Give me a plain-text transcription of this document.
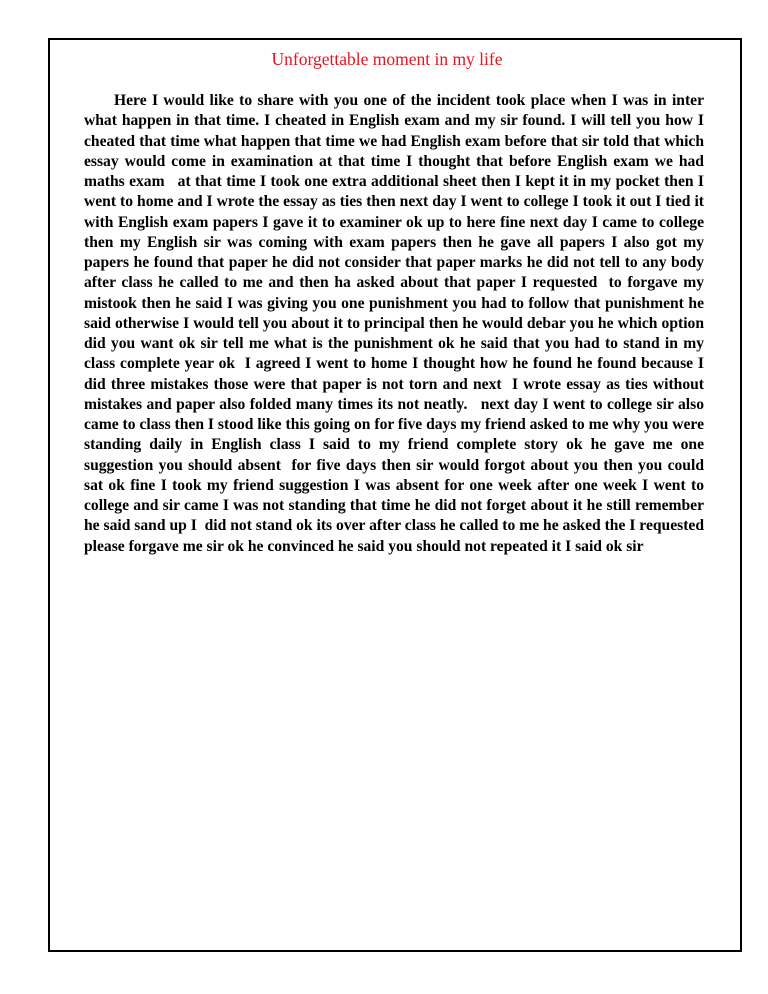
Unforgettable moment in my life

Here I would like to share with you one of the incident took place when I was in inter what happen in that time. I cheated in English exam and my sir found. I will tell you how I cheated that time what happen that time we had English exam before that sir told that which essay would come in examination at that time I thought that before English exam we had maths exam   at that time I took one extra additional sheet then I kept it in my pocket then I went to home and I wrote the essay as ties then next day I went to college I took it out I tied it with English exam papers I gave it to examiner ok up to here fine next day I came to college then my English sir was coming with exam papers then he gave all papers I also got my papers he found that paper he did not consider that paper marks he did not tell to any body after class he called to me and then ha asked about that paper I requested  to forgave my mistook then he said I was giving you one punishment you had to follow that punishment he said otherwise I would tell you about it to principal then he would debar you he which option did you want ok sir tell me what is the punishment ok he said that you had to stand in my class complete year ok  I agreed I went to home I thought how he found he found because I did three mistakes those were that paper is not torn and next  I wrote essay as ties without mistakes and paper also folded many times its not neatly.   next day I went to college sir also came to class then I stood like this going on for five days my friend asked to me why you were standing daily in English class I said to my friend complete story ok he gave me one suggestion you should absent  for five days then sir would forgot about you then you could sat ok fine I took my friend suggestion I was absent for one week after one week I went to college and sir came I was not standing that time he did not forget about it he still remember he said sand up I  did not stand ok its over after class he called to me he asked the I requested please forgave me sir ok he convinced he said you should not repeated it I said ok sir
